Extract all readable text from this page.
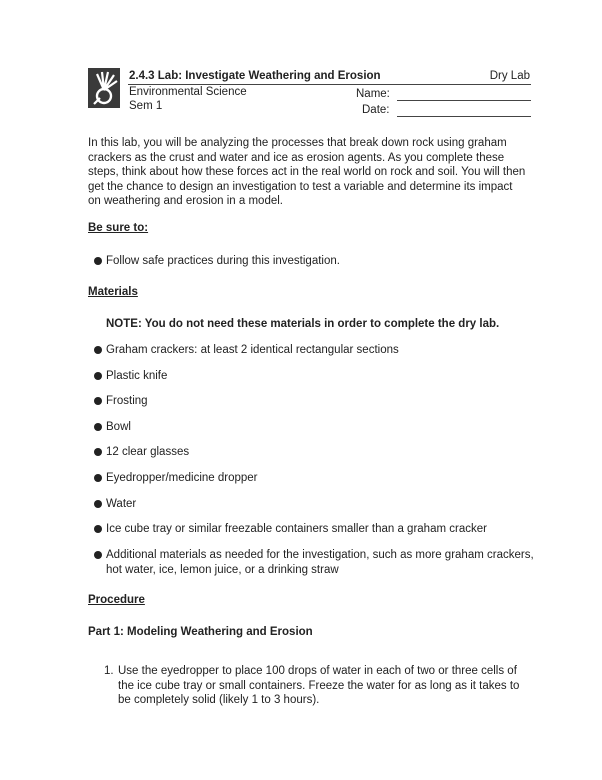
2.4.3 Lab: Investigate Weathering and Erosion	Dry Lab
Environmental Science
Sem 1
Name:
Date:
In this lab, you will be analyzing the processes that break down rock using graham crackers as the crust and water and ice as erosion agents. As you complete these steps, think about how these forces act in the real world on rock and soil. You will then get the chance to design an investigation to test a variable and determine its impact on weathering and erosion in a model.
Be sure to:
Follow safe practices during this investigation.
Materials
NOTE: You do not need these materials in order to complete the dry lab.
Graham crackers: at least 2 identical rectangular sections
Plastic knife
Frosting
Bowl
12 clear glasses
Eyedropper/medicine dropper
Water
Ice cube tray or similar freezable containers smaller than a graham cracker
Additional materials as needed for the investigation, such as more graham crackers, hot water, ice, lemon juice, or a drinking straw
Procedure
Part 1: Modeling Weathering and Erosion
1. Use the eyedropper to place 100 drops of water in each of two or three cells of the ice cube tray or small containers. Freeze the water for as long as it takes to be completely solid (likely 1 to 3 hours).
